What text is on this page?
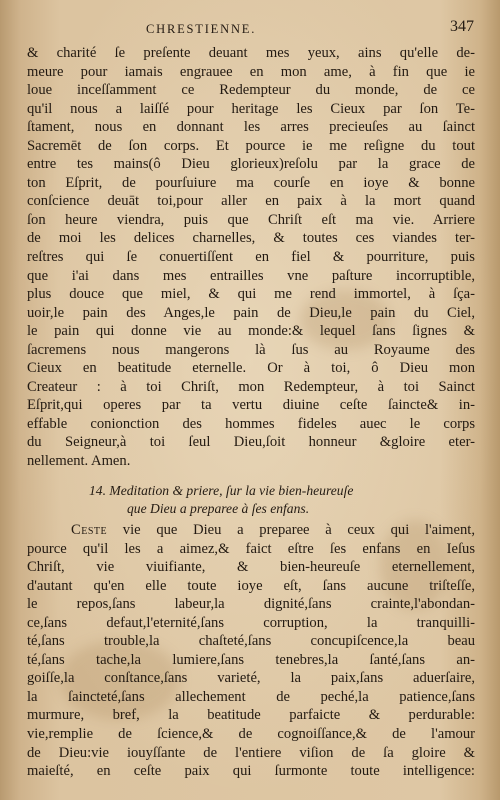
CHRESTIENNE.	347
& charité ſe preſente deuant mes yeux, ains qu'elle de-
meure pour iamais engrauee en mon ame, à fin que ie
loue inceſſamment ce Redempteur du monde, de ce
qu'il nous a laiſſé pour heritage les Cieux par ſon Te-
ſtament, nous en donnant les arres precieuſes au ſainct
Sacremēt de ſon corps. Et pource ie me reſigne du tout
entre tes mains(ô Dieu glorieux)reſolu par la grace de
ton Eſprit, de pourſuiure ma courſe en ioye & bonne
conſcience deuāt toi,pour aller en paix à la mort quand
ſon heure viendra, puis que Chriſt eſt ma vie. Arriere
de moi les delices charnelles, & toutes ces viandes ter-
reſtres qui ſe conuertiſſent en fiel & pourriture, puis
que i'ai dans mes entrailles vne paſture incorruptible,
plus douce que miel, & qui me rend immortel, à ſça-
uoir,le pain des Anges,le pain de Dieu,le pain du Ciel,
le pain qui donne vie au monde:& lequel ſans ſignes &
ſacremens nous mangerons là ſus au Royaume des
Cieux en beatitude eternelle. Or à toi, ô Dieu mon
Createur : à toi Chriſt, mon Redempteur, à toi Sainct
Eſprit,qui operes par ta vertu diuine ceſte ſaincte& in-
effable conionction des hommes fideles auec le corps
du Seigneur,à toi ſeul Dieu,ſoit honneur &gloire eter-
nellement. Amen.
14. Meditation & priere, ſur la vie bien-heureuſe
que Dieu a preparee à ſes enfans.
Ceste vie que Dieu a preparee à ceux qui l'aiment,
pource qu'il les a aimez,& faict eſtre ſes enfans en Ieſus
Chriſt, vie viuifiante, & bien-heureuſe eternellement,
d'autant qu'en elle toute ioye eſt, ſans aucune triſteſſe,
le repos,ſans labeur,la dignité,ſans crainte,l'abondan-
ce,ſans defaut,l'eternité,ſans corruption, la tranquilli-
té,ſans trouble,la chaſteté,ſans concupiſcence,la beau
té,ſans tache,la lumiere,ſans tenebres,la ſanté,ſans an-
goiſſe,la conſtance,ſans varieté, la paix,ſans aduerſaire,
la ſaincteté,ſans allechement de peché,la patience,ſans
murmure, bref, la beatitude parfaicte & perdurable:
vie,remplie de ſcience,& de cognoiſſance,& de l'amour
de Dieu:vie iouyſſante de l'entiere viſion de ſa gloire &
maieſté, en ceſte paix qui ſurmonte toute intelligence:
